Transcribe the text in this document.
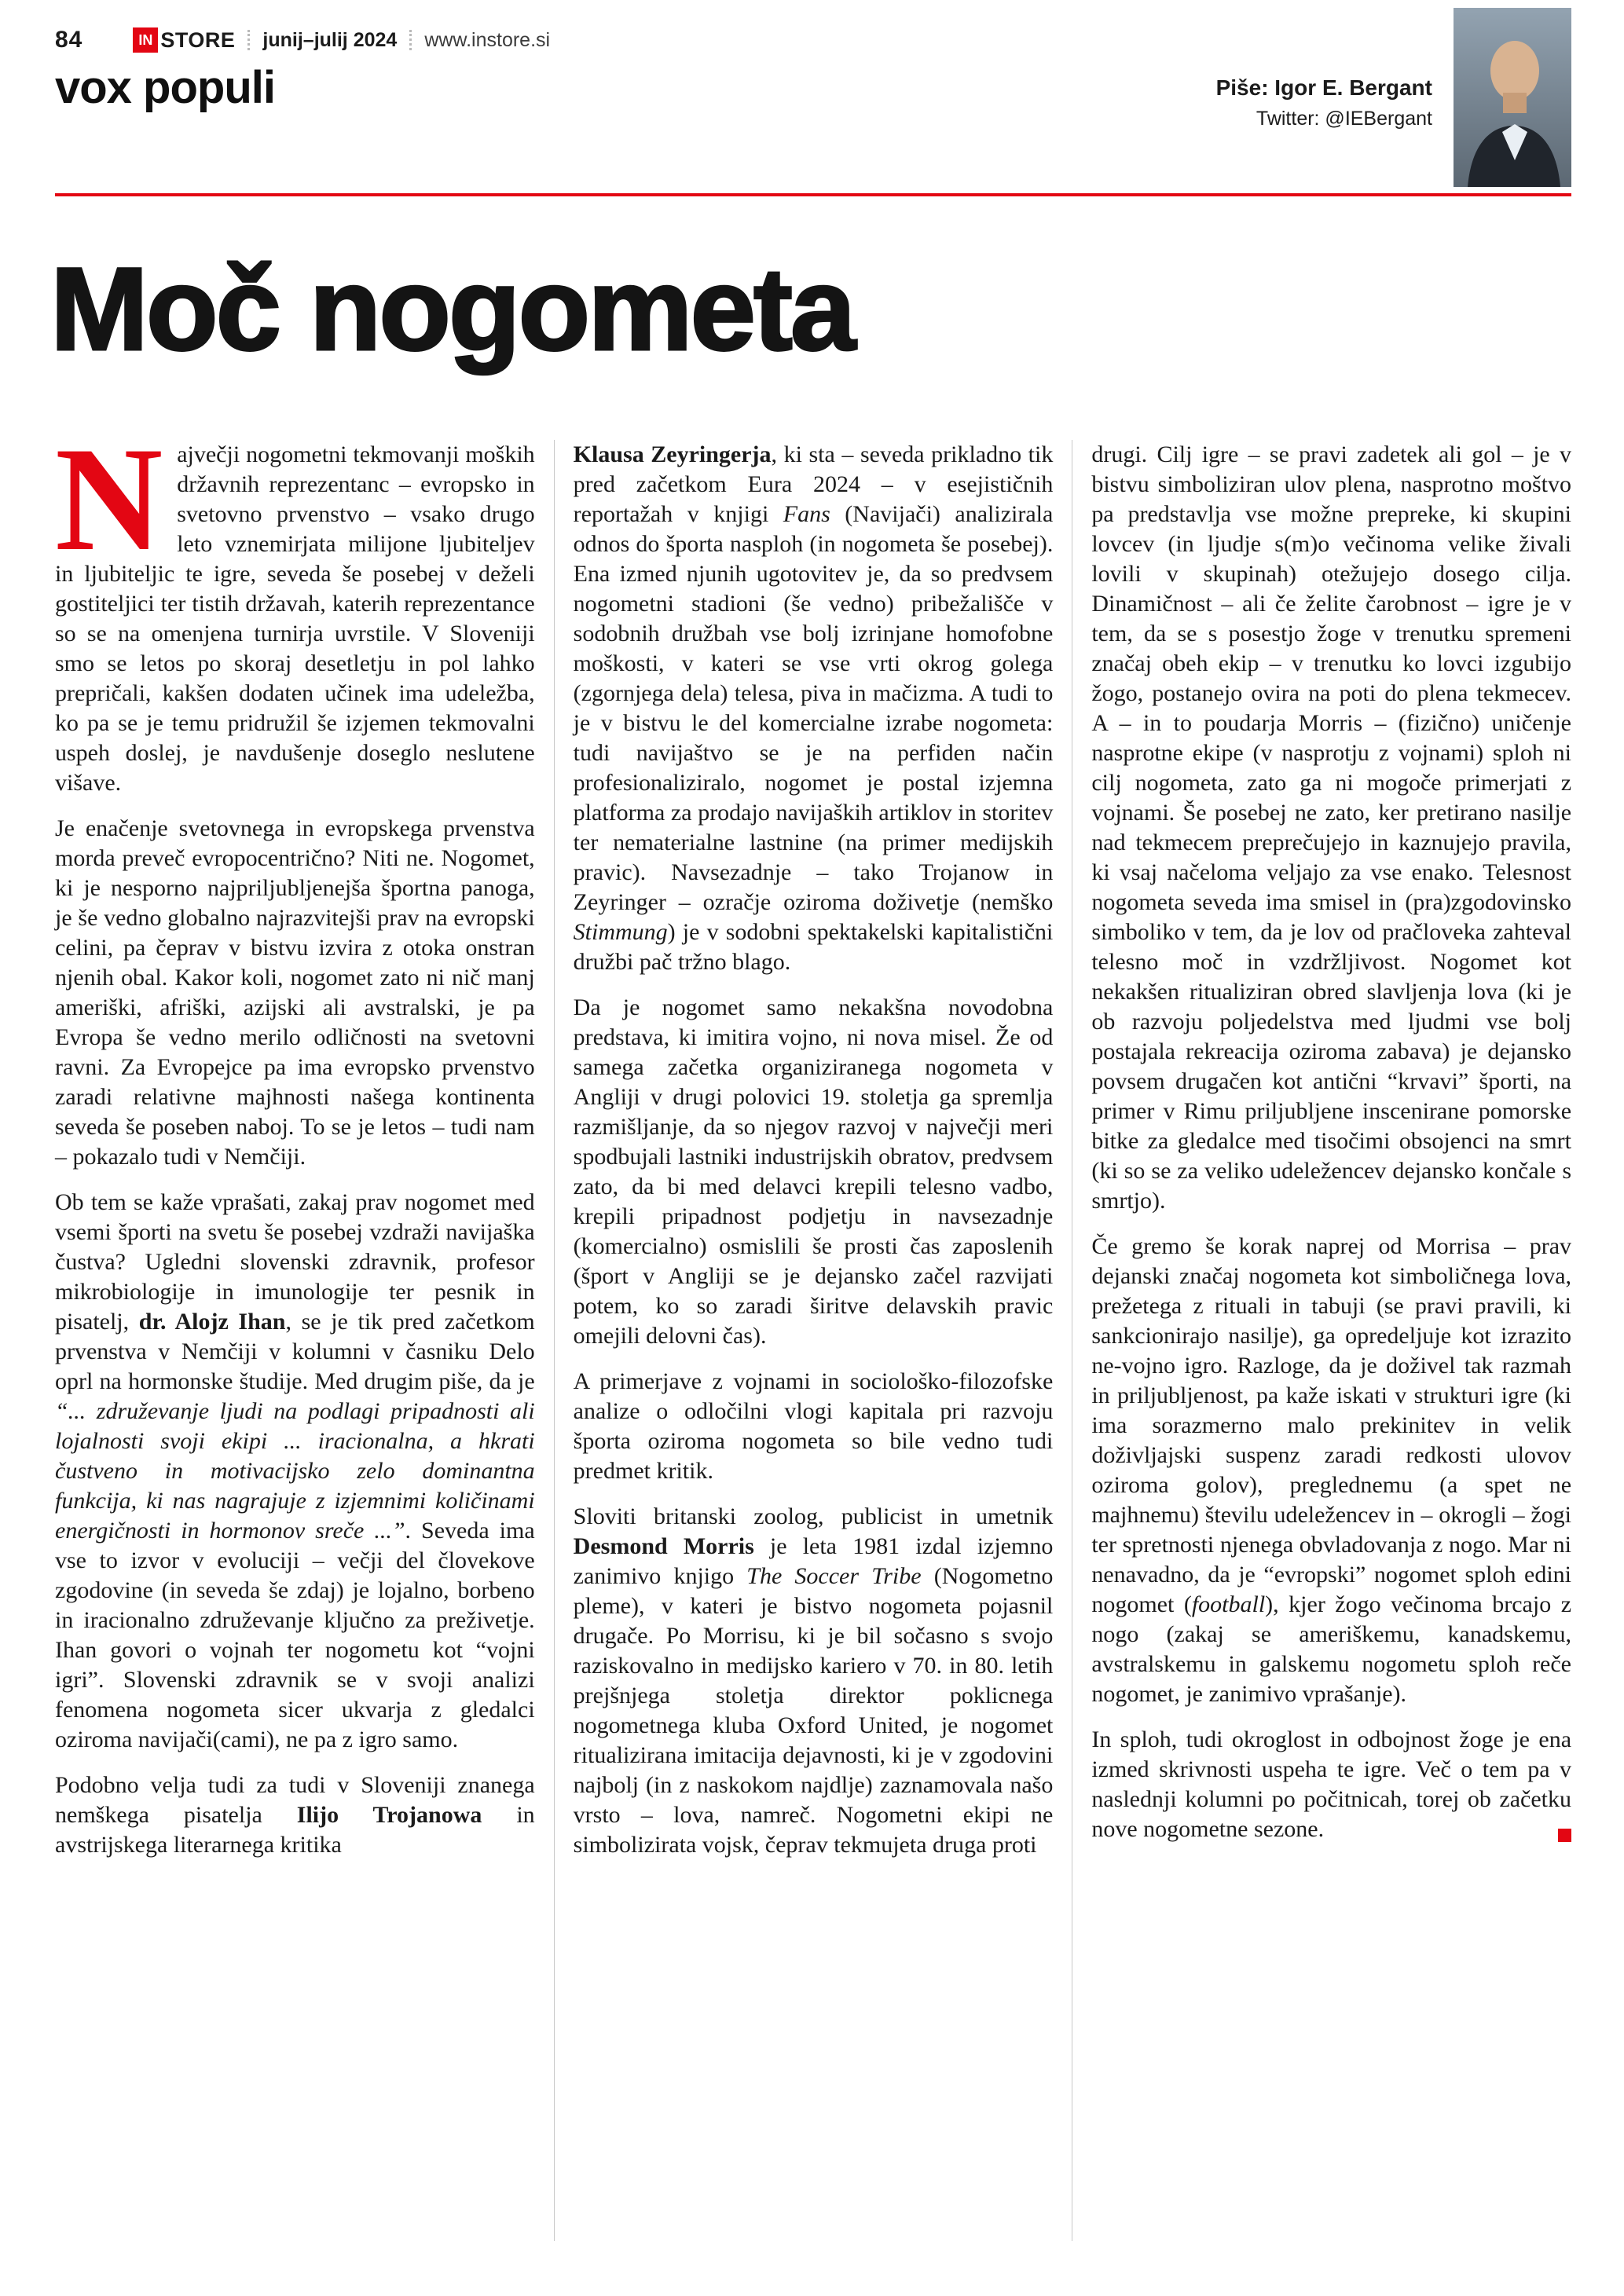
84	IN STORE junij–julij 2024 www.instore.si
vox populi	Piše: Igor E. Bergant
Twitter: @IEBergant
Moč nogometa

Največji nogometni tekmovanji moških državnih reprezentanc – evropsko in svetovno prvenstvo – vsako drugo leto vznemirjata milijone ljubiteljev in ljubiteljic te igre, seveda še posebej v deželi gostiteljici ter tistih državah, katerih reprezentance so se na omenjena turnirja uvrstile. V Sloveniji smo se letos po skoraj desetletju in pol lahko prepričali, kakšen dodaten učinek ima udeležba, ko pa se je temu pridružil še izjemen tekmovalni uspeh doslej, je navdušenje doseglo neslutene višave.

Je enačenje svetovnega in evropskega prvenstva morda preveč evropocentrično? Niti ne. Nogomet, ki je nesporno najpriljubljenejša športna panoga, je še vedno globalno najrazvitejši prav na evropski celini, pa čeprav v bistvu izvira z otoka onstran njenih obal. Kakor koli, nogomet zato ni nič manj ameriški, afriški, azijski ali avstralski, je pa Evropa še vedno merilo odličnosti na svetovni ravni. Za Evropejce pa ima evropsko prvenstvo zaradi relativne majhnosti našega kontinenta seveda še poseben naboj. To se je letos – tudi nam – pokazalo tudi v Nemčiji.

Ob tem se kaže vprašati, zakaj prav nogomet med vsemi športi na svetu še posebej vzdraži navijaška čustva? Ugledni slovenski zdravnik, profesor mikrobiologije in imunologije ter pesnik in pisatelj, dr. Alojz Ihan, se je tik pred začetkom prvenstva v Nemčiji v kolumni v časniku Delo oprl na hormonske študije. Med drugim piše, da je “... združevanje ljudi na podlagi pripadnosti ali lojalnosti svoji ekipi ... iracionalna, a hkrati čustveno in motivacijsko zelo dominantna funkcija, ki nas nagrajuje z izjemnimi količinami energičnosti in hormonov sreče ...”. Seveda ima vse to izvor v evoluciji – večji del človekove zgodovine (in seveda še zdaj) je lojalno, borbeno in iracionalno združevanje ključno za preživetje. Ihan govori o vojnah ter nogometu kot “vojni igri”. Slovenski zdravnik se v svoji analizi fenomena nogometa sicer ukvarja z gledalci oziroma navijači(cami), ne pa z igro samo.

Podobno velja tudi za tudi v Sloveniji znanega nemškega pisatelja Ilijo Trojanowa in avstrijskega literarnega kritika

Klausa Zeyringerja, ki sta – seveda prikladno tik pred začetkom Eura 2024 – v esejističnih reportažah v knjigi Fans (Navijači) analizirala odnos do športa nasploh (in nogometa še posebej). Ena izmed njunih ugotovitev je, da so predvsem nogometni stadioni (še vedno) pribežališče v sodobnih družbah vse bolj izrinjane homofobne moškosti, v kateri se vse vrti okrog golega (zgornjega dela) telesa, piva in mačizma. A tudi to je v bistvu le del komercialne izrabe nogometa: tudi navijaštvo se je na perfiden način profesionaliziralo, nogomet je postal izjemna platforma za prodajo navijaških artiklov in storitev ter nematerialne lastnine (na primer medijskih pravic). Navsezadnje – tako Trojanow in Zeyringer – ozračje oziroma doživetje (nemško Stimmung) je v sodobni spektakelski kapitalistični družbi pač tržno blago.

Da je nogomet samo nekakšna novodobna predstava, ki imitira vojno, ni nova misel. Že od samega začetka organiziranega nogometa v Angliji v drugi polovici 19. stoletja ga spremlja razmišljanje, da so njegov razvoj v največji meri spodbujali lastniki industrijskih obratov, predvsem zato, da bi med delavci krepili telesno vadbo, krepili pripadnost podjetju in navsezadnje (komercialno) osmislili še prosti čas zaposlenih (šport v Angliji se je dejansko začel razvijati potem, ko so zaradi širitve delavskih pravic omejili delovni čas).

A primerjave z vojnami in sociološko-filozofske analize o odločilni vlogi kapitala pri razvoju športa oziroma nogometa so bile vedno tudi predmet kritik.

Sloviti britanski zoolog, publicist in umetnik Desmond Morris je leta 1981 izdal izjemno zanimivo knjigo The Soccer Tribe (Nogometno pleme), v kateri je bistvo nogometa pojasnil drugače. Po Morrisu, ki je bil sočasno s svojo raziskovalno in medijsko kariero v 70. in 80. letih prejšnjega stoletja direktor poklicnega nogometnega kluba Oxford United, je nogomet ritualizirana imitacija dejavnosti, ki je v zgodovini najbolj (in z naskokom najdlje) zaznamovala našo vrsto – lova, namreč. Nogometni ekipi ne simbolizirata vojsk, čeprav tekmujeta druga proti

drugi. Cilj igre – se pravi zadetek ali gol – je v bistvu simboliziran ulov plena, nasprotno moštvo pa predstavlja vse možne prepreke, ki skupini lovcev (in ljudje s(m)o večinoma velike živali lovili v skupinah) otežujejo dosego cilja. Dinamičnost – ali če želite čarobnost – igre je v tem, da se s posestjo žoge v trenutku spremeni značaj obeh ekip – v trenutku ko lovci izgubijo žogo, postanejo ovira na poti do plena tekmecev. A – in to poudarja Morris – (fizično) uničenje nasprotne ekipe (v nasprotju z vojnami) sploh ni cilj nogometa, zato ga ni mogoče primerjati z vojnami. Še posebej ne zato, ker pretirano nasilje nad tekmecem preprečujejo in kaznujejo pravila, ki vsaj načeloma veljajo za vse enako. Telesnost nogometa seveda ima smisel in (pra)zgodovinsko simboliko v tem, da je lov od pračloveka zahteval telesno moč in vzdržljivost. Nogomet kot nekakšen ritualiziran obred slavljenja lova (ki je ob razvoju poljedelstva med ljudmi vse bolj postajala rekreacija oziroma zabava) je dejansko povsem drugačen kot antični “krvavi” športi, na primer v Rimu priljubljene inscenirane pomorske bitke za gledalce med tisočimi obsojenci na smrt (ki so se za veliko udeležencev dejansko končale s smrtjo).

Če gremo še korak naprej od Morrisa – prav dejanski značaj nogometa kot simboličnega lova, prežetega z rituali in tabuji (se pravi pravili, ki sankcionirajo nasilje), ga opredeljuje kot izrazito ne-vojno igro. Razloge, da je doživel tak razmah in priljubljenost, pa kaže iskati v strukturi igre (ki ima sorazmerno malo prekinitev in velik doživljajski suspenz zaradi redkosti ulovov oziroma golov), preglednemu (a spet ne majhnemu) številu udeležencev in – okrogli – žogi ter spretnosti njenega obvladovanja z nogo. Mar ni nenavadno, da je “evropski” nogomet sploh edini nogomet (football), kjer žogo večinoma brcajo z nogo (zakaj se ameriškemu, kanadskemu, avstralskemu in galskemu nogometu sploh reče nogomet, je zanimivo vprašanje).

In sploh, tudi okroglost in odbojnost žoge je ena izmed skrivnosti uspeha te igre. Več o tem pa v naslednji kolumni po počitnicah, torej ob začetku nove nogometne sezone.
